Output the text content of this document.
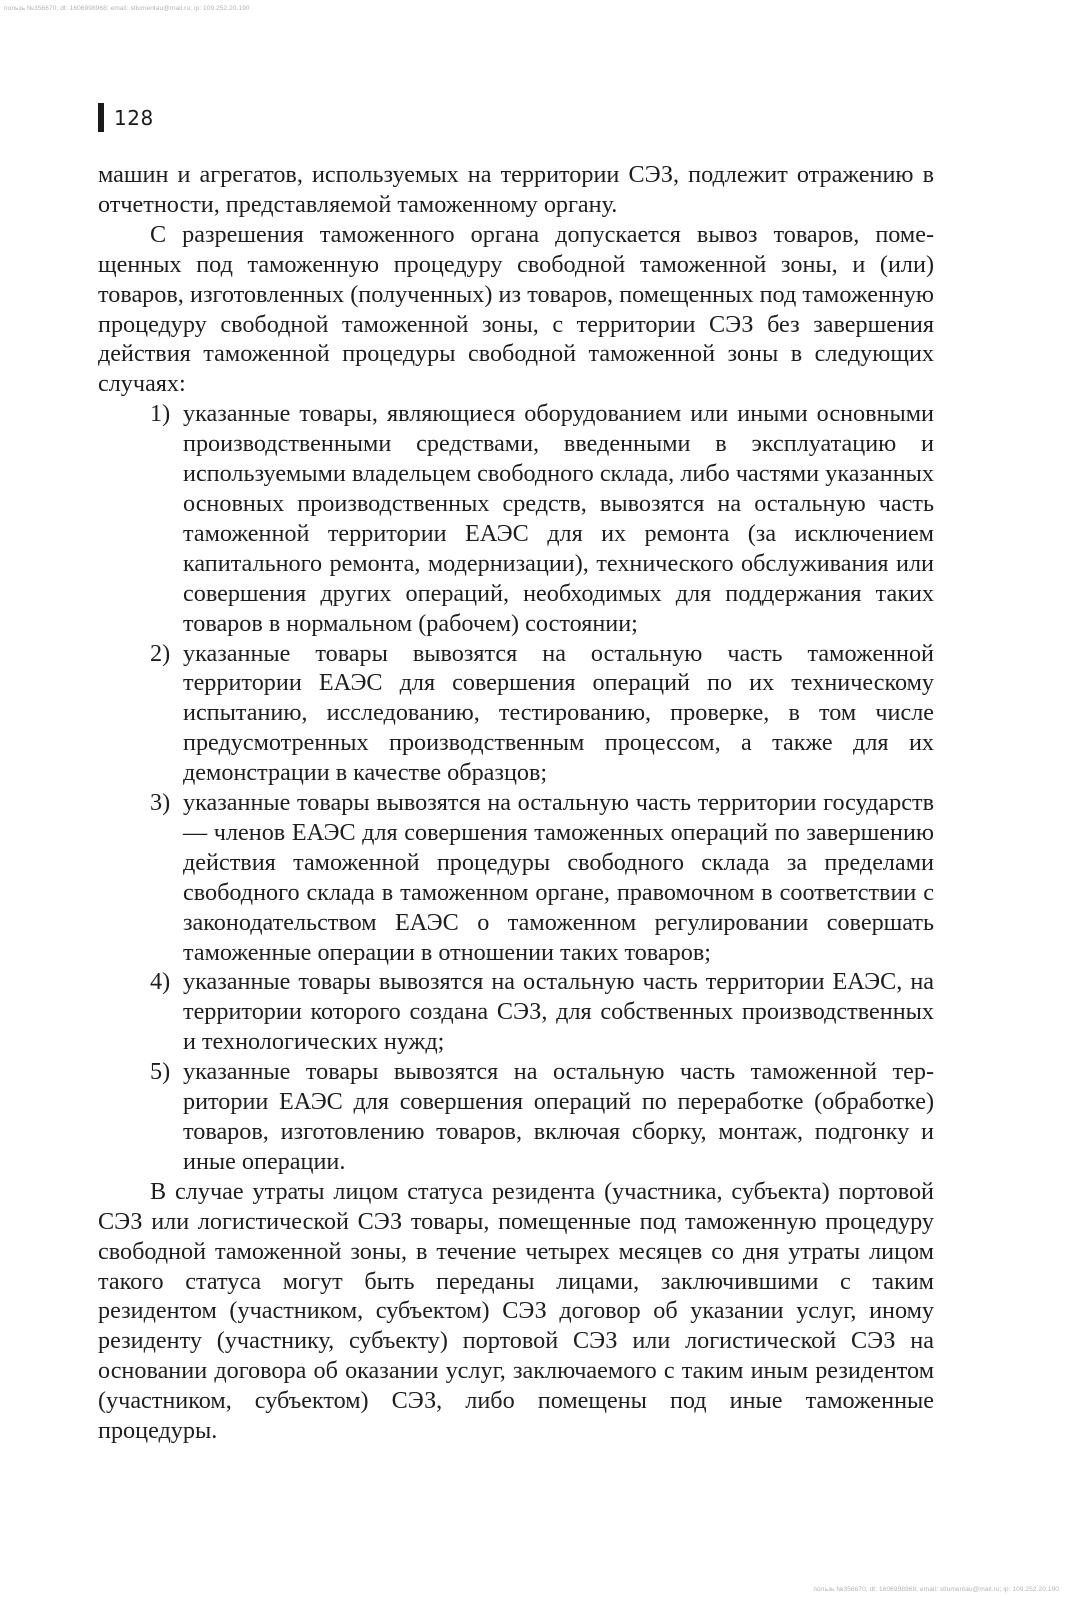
пользь №356670; dt: 1606998968; email: stlumentau@mail.ru; ip: 109.252.20.190
128

машин и агрегатов, используемых на территории СЭЗ, подлежит отражению в отчетности, представляемой таможенному органу.

С разрешения таможенного органа допускается вывоз товаров, помещенных под таможенную процедуру свободной таможенной зоны, и (или) товаров, изготовленных (полученных) из товаров, помещенных под таможенную процедуру свободной таможенной зоны, с территории СЭЗ без завершения действия таможенной процедуры свободной таможенной зоны в следующих случаях:

1) указанные товары, являющиеся оборудованием или иными основными производственными средствами, введенными в эксплуатацию и используемыми владельцем свободного склада, либо частями указанных основных производственных средств, вывозятся на остальную часть таможенной территории ЕАЭС для их ремонта (за исключением капитального ремонта, модернизации), технического обслуживания или совершения других операций, необходимых для поддержания таких товаров в нормальном (рабочем) состоянии;
2) указанные товары вывозятся на остальную часть таможенной территории ЕАЭС для совершения операций по их техническому испытанию, исследованию, тестированию, проверке, в том числе предусмотренных производственным процессом, а также для их демонстрации в качестве образцов;
3) указанные товары вывозятся на остальную часть территории государств — членов ЕАЭС для совершения таможенных операций по завершению действия таможенной процедуры свободного склада за пределами свободного склада в таможенном органе, правомочном в соответствии с законодательством ЕАЭС о таможенном регулировании совершать таможенные операции в отношении таких товаров;
4) указанные товары вывозятся на остальную часть территории ЕАЭС, на территории которого создана СЭЗ, для собственных производственных и технологических нужд;
5) указанные товары вывозятся на остальную часть таможенной территории ЕАЭС для совершения операций по переработке (обработке) товаров, изготовлению товаров, включая сборку, монтаж, подгонку и иные операции.

В случае утраты лицом статуса резидента (участника, субъекта) портовой СЭЗ или логистической СЭЗ товары, помещенные под таможенную процедуру свободной таможенной зоны, в течение четырех месяцев со дня утраты лицом такого статуса могут быть переданы лицами, заключившими с таким резидентом (участником, субъектом) СЭЗ договор об указании услуг, иному резиденту (участнику, субъекту) портовой СЭЗ или логистической СЭЗ на основании договора об оказании услуг, заключаемого с таким иным резидентом (участником, субъектом) СЭЗ, либо помещены под иные таможенные процедуры.

пользь №356670; dt: 1606998968; email: stlumentau@mail.ru; ip: 109.252.20.190
